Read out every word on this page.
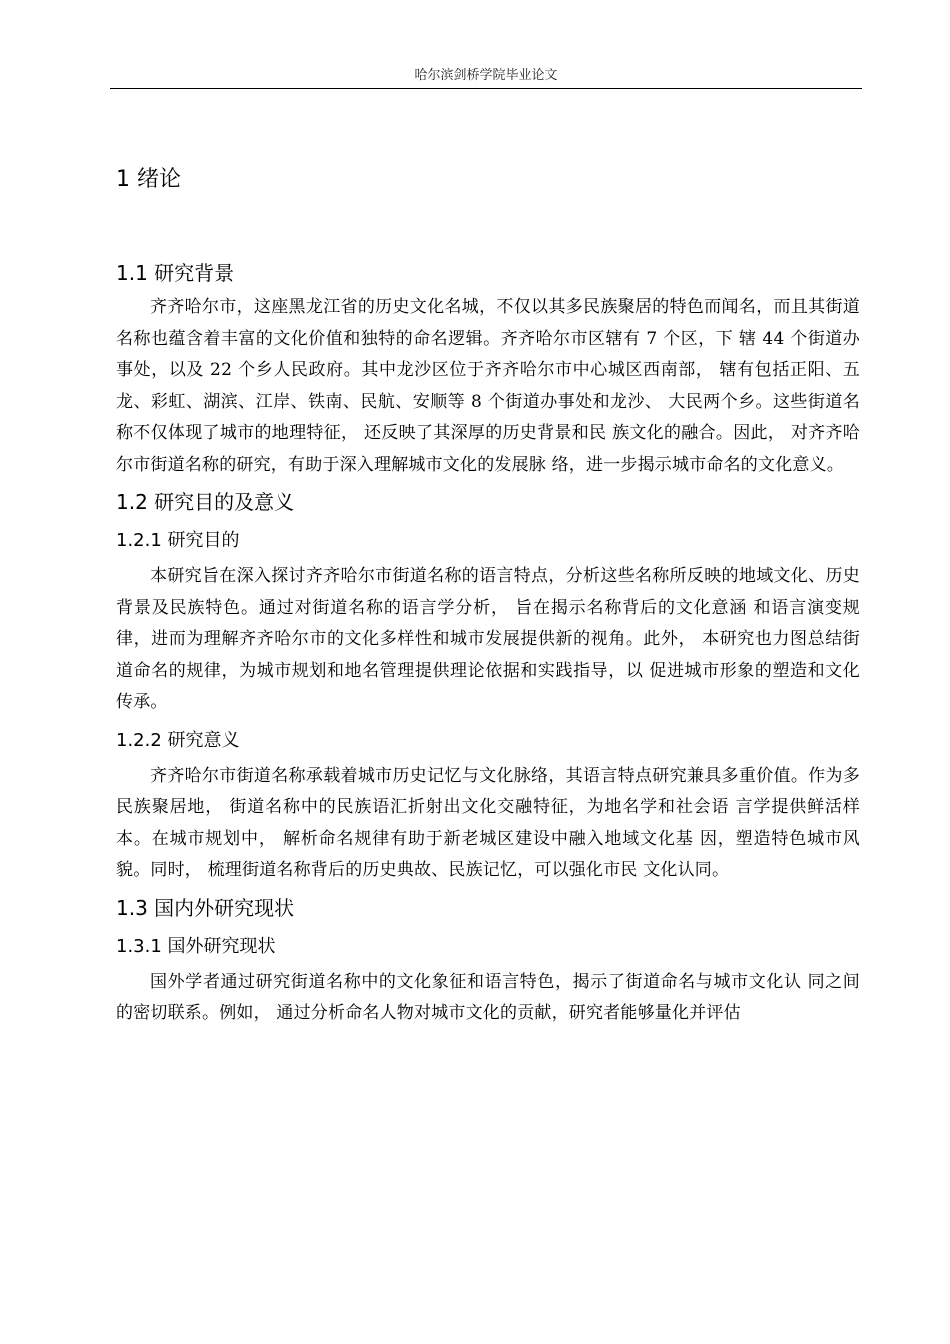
哈尔滨剑桥学院毕业论文
1 绪论
1.1 研究背景

齐齐哈尔市，这座黑龙江省的历史文化名城，不仅以其多民族聚居的特色而闻名，而且其街道名称也蕴含着丰富的文化价值和独特的命名逻辑。齐齐哈尔市区辖有 7 个区，下 辖 44 个街道办事处，以及 22 个乡人民政府。其中龙沙区位于齐齐哈尔市中心城区西南部， 辖有包括正阳、五龙、彩虹、湖滨、江岸、铁南、民航、安顺等 8 个街道办事处和龙沙、 大民两个乡。这些街道名称不仅体现了城市的地理特征， 还反映了其深厚的历史背景和民 族文化的融合。因此， 对齐齐哈尔市街道名称的研究，有助于深入理解城市文化的发展脉 络，进一步揭示城市命名的文化意义。

1.2 研究目的及意义
1.2.1 研究目的

本研究旨在深入探讨齐齐哈尔市街道名称的语言特点，分析这些名称所反映的地域文化、历史背景及民族特色。通过对街道名称的语言学分析， 旨在揭示名称背后的文化意涵 和语言演变规律，进而为理解齐齐哈尔市的文化多样性和城市发展提供新的视角。此外， 本研究也力图总结街道命名的规律，为城市规划和地名管理提供理论依据和实践指导，以 促进城市形象的塑造和文化传承。

1.2.2 研究意义

齐齐哈尔市街道名称承载着城市历史记忆与文化脉络，其语言特点研究兼具多重价值。作为多民族聚居地， 街道名称中的民族语汇折射出文化交融特征，为地名学和社会语 言学提供鲜活样本。在城市规划中， 解析命名规律有助于新老城区建设中融入地域文化基 因，塑造特色城市风貌。同时， 梳理街道名称背后的历史典故、民族记忆，可以强化市民 文化认同。

1.3 国内外研究现状
1.3.1 国外研究现状

国外学者通过研究街道名称中的文化象征和语言特色，揭示了街道命名与城市文化认 同之间的密切联系。例如， 通过分析命名人物对城市文化的贡献，研究者能够量化并评估
